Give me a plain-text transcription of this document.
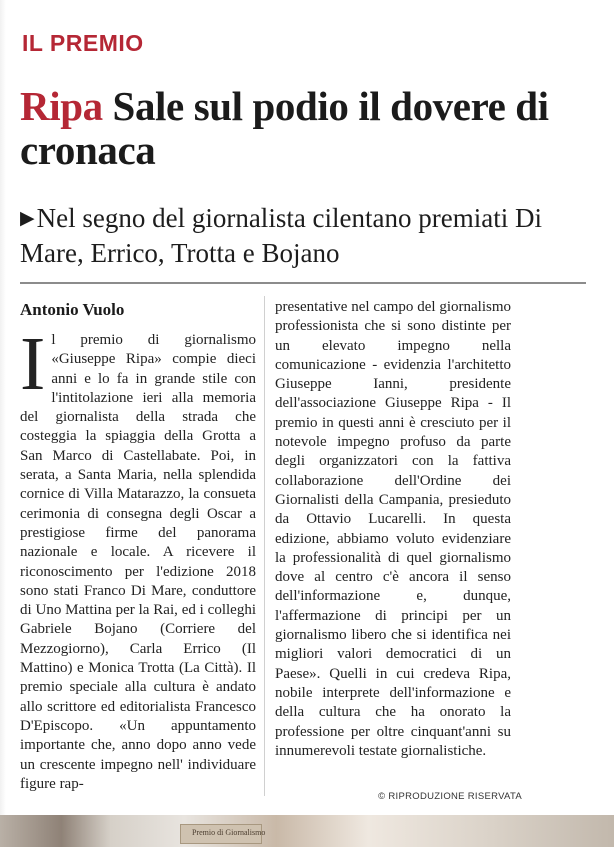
IL PREMIO
Ripa Sale sul podio il dovere di cronaca
▶Nel segno del giornalista cilentano premiati Di Mare, Errico, Trotta e Bojano
Antonio Vuolo
Il premio di giornalismo «Giuseppe Ripa» compie dieci anni e lo fa in grande stile con l'intitolazione ieri alla memoria del giornalista della strada che costeggia la spiaggia della Grotta a San Marco di Castellabate. Poi, in serata, a Santa Maria, nella splendida cornice di Villa Matarazzo, la consueta cerimonia di consegna degli Oscar a prestigiose firme del panorama nazionale e locale. A ricevere il riconoscimento per l'edizione 2018 sono stati Franco Di Mare, conduttore di Uno Mattina per la Rai, ed i colleghi Gabriele Bojano (Corriere del Mezzogiorno), Carla Errico (Il Mattino) e Monica Trotta (La Città). Il premio speciale alla cultura è andato allo scrittore ed editorialista Francesco D'Episcopo. «Un appuntamento importante che, anno dopo anno vede un crescente impegno nell' individuare figure rap-
presentative nel campo del giornalismo professionista che si sono distinte per un elevato impegno nella comunicazione - evidenzia l'architetto Giuseppe Ianni, presidente dell'associazione Giuseppe Ripa - Il premio in questi anni è cresciuto per il notevole impegno profuso da parte degli organizzatori con la fattiva collaborazione dell'Ordine dei Giornalisti della Campania, presieduto da Ottavio Lucarelli. In questa edizione, abbiamo voluto evidenziare la professionalità di quel giornalismo dove al centro c'è ancora il senso dell'informazione e, dunque, l'affermazione di principi per un giornalismo libero che si identifica nei migliori valori democratici di un Paese». Quelli in cui credeva Ripa, nobile interprete dell'informazione e della cultura che ha onorato la professione per oltre cinquant'anni su innumerevoli testate giornalistiche.
© RIPRODUZIONE RISERVATA
Premio di Giornalismo
